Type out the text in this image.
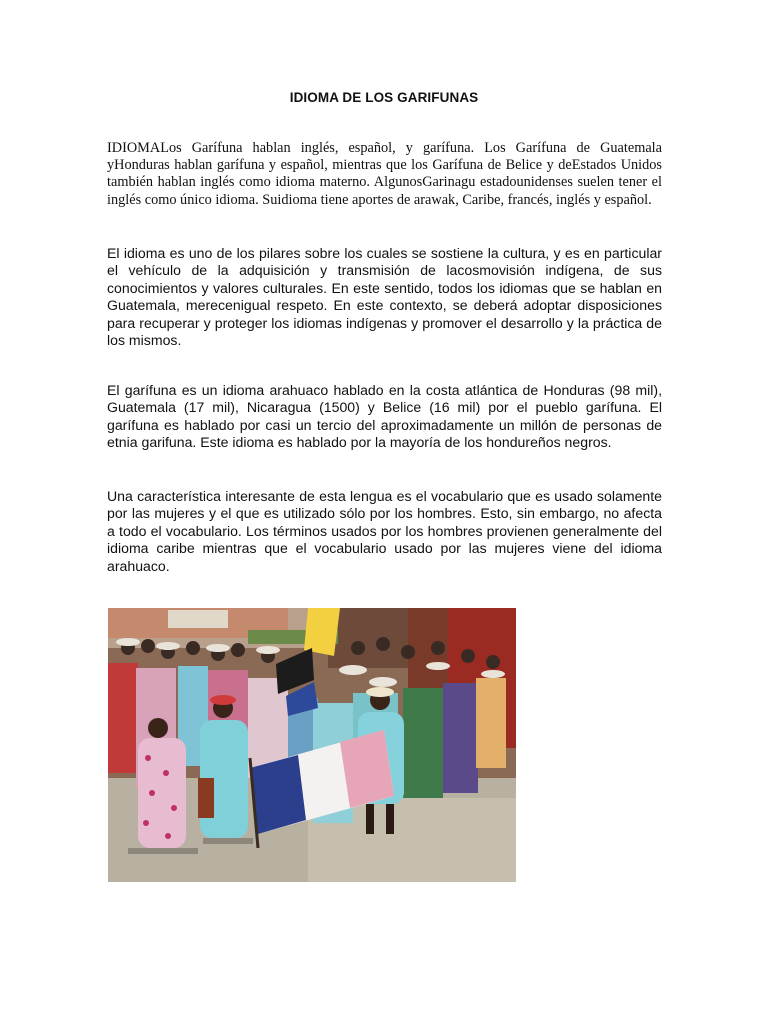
IDIOMA DE LOS GARIFUNAS

IDIOMALos Garífuna hablan inglés, español, y garífuna. Los Garífuna de Guatemala yHonduras hablan garífuna y español, mientras que los Garífuna de Belice y deEstados Unidos también hablan inglés como idioma materno. AlgunosGarinagu estadounidenses suelen tener el inglés como único idioma. Suidioma tiene aportes de arawak, Caribe, francés, inglés y español.

El idioma es uno de los pilares sobre los cuales se sostiene la cultura, y es en particular el vehículo de la adquisición y transmisión de lacosmovisión indígena, de sus conocimientos y valores culturales. En este sentido, todos los idiomas que se hablan en Guatemala, merecenigual respeto. En este contexto, se deberá adoptar disposiciones para recuperar y proteger los idiomas indígenas y promover el desarrollo y la práctica de los mismos.

El garífuna es un idioma arahuaco hablado en la costa atlántica de Honduras (98 mil), Guatemala (17 mil), Nicaragua (1500) y Belice (16 mil) por el pueblo garífuna. El garífuna es hablado por casi un tercio del aproximadamente un millón de personas de etnia garifuna. Este idioma es hablado por la mayoría de los hondureños negros.

Una característica interesante de esta lengua es el vocabulario que es usado solamente por las mujeres y el que es utilizado sólo por los hombres. Esto, sin embargo, no afecta a todo el vocabulario. Los términos usados por los hombres provienen generalmente del idioma caribe mientras que el vocabulario usado por las mujeres viene del idioma arahuaco.
